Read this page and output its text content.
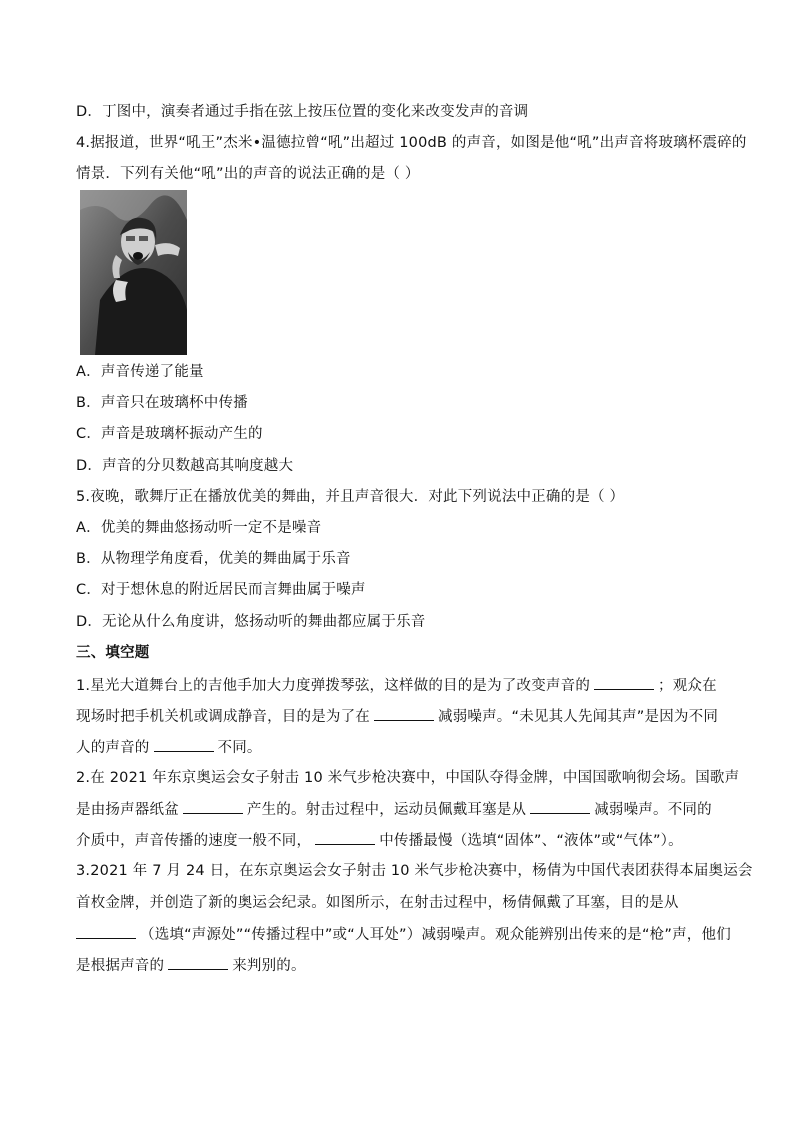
D．丁图中，演奏者通过手指在弦上按压位置的变化来改变发声的音调
4.据报道，世界“吼王”杰米•温德拉曾“吼”出超过 100dB 的声音，如图是他“吼”出声音将玻璃杯震碎的
情景．下列有关他“吼”出的声音的说法正确的是（ ）
A．声音传递了能量
B．声音只在玻璃杯中传播
C．声音是玻璃杯振动产生的
D．声音的分贝数越高其响度越大
5.夜晚，歌舞厅正在播放优美的舞曲，并且声音很大．对此下列说法中正确的是（ ）
A．优美的舞曲悠扬动听一定不是噪音
B．从物理学角度看，优美的舞曲属于乐音
C．对于想休息的附近居民而言舞曲属于噪声
D．无论从什么角度讲，悠扬动听的舞曲都应属于乐音
三、填空题
1.星光大道舞台上的吉他手加大力度弹拨琴弦，这样做的目的是为了改变声音的	；观众在
现场时把手机关机或调成静音，目的是为了在	减弱噪声。“未见其人先闻其声”是因为不同
人的声音的	不同。
2.在 2021 年东京奥运会女子射击 10 米气步枪决赛中，中国队夺得金牌，中国国歌响彻会场。国歌声
是由扬声器纸盆	产生的。射击过程中，运动员佩戴耳塞是从	减弱噪声。不同的
介质中，声音传播的速度一般不同，	中传播最慢（选填“固体”、“液体”或“气体”）。
3.2021 年 7 月 24 日，在东京奥运会女子射击 10 米气步枪决赛中，杨倩为中国代表团获得本届奥运会
首枚金牌，并创造了新的奥运会纪录。如图所示，在射击过程中，杨倩佩戴了耳塞，目的是从
（选填“声源处”“传播过程中”或“人耳处”）减弱噪声。观众能辨别出传来的是“枪”声，他们
是根据声音的	来判别的。
